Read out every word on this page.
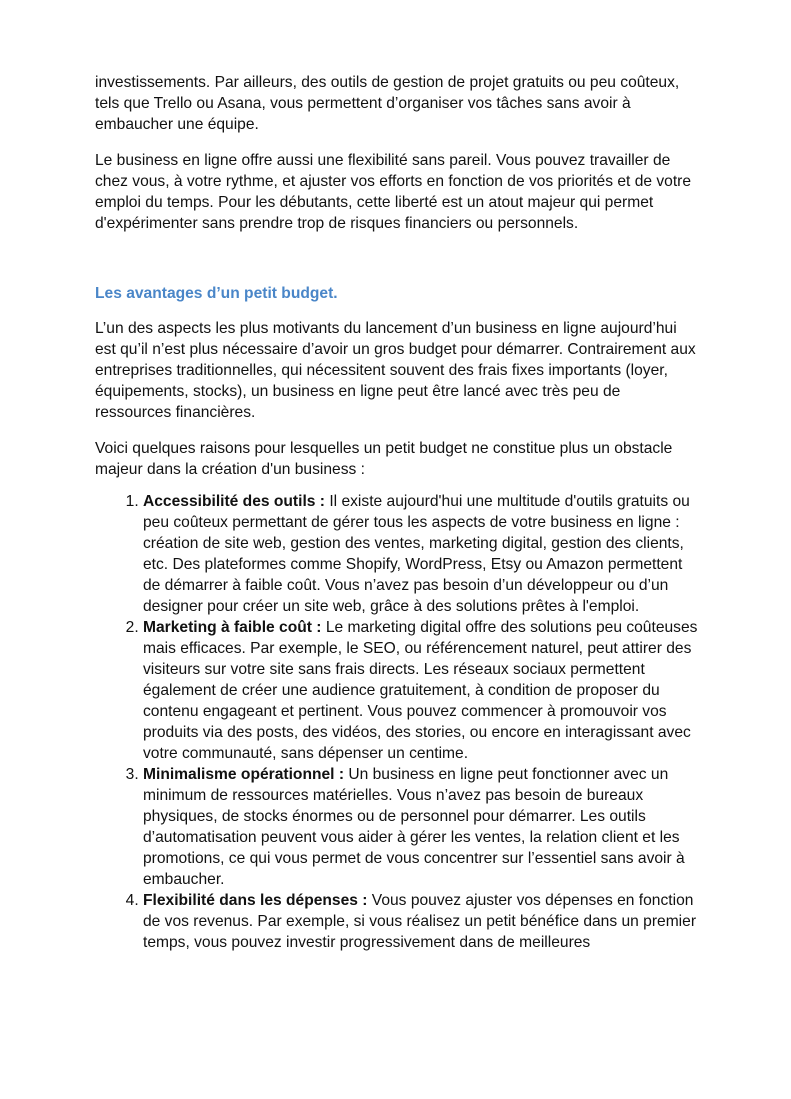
investissements. Par ailleurs, des outils de gestion de projet gratuits ou peu coûteux, tels que Trello ou Asana, vous permettent d’organiser vos tâches sans avoir à embaucher une équipe.

Le business en ligne offre aussi une flexibilité sans pareil. Vous pouvez travailler de chez vous, à votre rythme, et ajuster vos efforts en fonction de vos priorités et de votre emploi du temps. Pour les débutants, cette liberté est un atout majeur qui permet d'expérimenter sans prendre trop de risques financiers ou personnels.

Les avantages d’un petit budget.

L’un des aspects les plus motivants du lancement d’un business en ligne aujourd’hui est qu’il n’est plus nécessaire d’avoir un gros budget pour démarrer. Contrairement aux entreprises traditionnelles, qui nécessitent souvent des frais fixes importants (loyer, équipements, stocks), un business en ligne peut être lancé avec très peu de ressources financières.

Voici quelques raisons pour lesquelles un petit budget ne constitue plus un obstacle majeur dans la création d'un business :

1. Accessibilité des outils : Il existe aujourd'hui une multitude d'outils gratuits ou peu coûteux permettant de gérer tous les aspects de votre business en ligne : création de site web, gestion des ventes, marketing digital, gestion des clients, etc. Des plateformes comme Shopify, WordPress, Etsy ou Amazon permettent de démarrer à faible coût. Vous n’avez pas besoin d’un développeur ou d’un designer pour créer un site web, grâce à des solutions prêtes à l'emploi.
2. Marketing à faible coût : Le marketing digital offre des solutions peu coûteuses mais efficaces. Par exemple, le SEO, ou référencement naturel, peut attirer des visiteurs sur votre site sans frais directs. Les réseaux sociaux permettent également de créer une audience gratuitement, à condition de proposer du contenu engageant et pertinent. Vous pouvez commencer à promouvoir vos produits via des posts, des vidéos, des stories, ou encore en interagissant avec votre communauté, sans dépenser un centime.
3. Minimalisme opérationnel : Un business en ligne peut fonctionner avec un minimum de ressources matérielles. Vous n’avez pas besoin de bureaux physiques, de stocks énormes ou de personnel pour démarrer. Les outils d’automatisation peuvent vous aider à gérer les ventes, la relation client et les promotions, ce qui vous permet de vous concentrer sur l’essentiel sans avoir à embaucher.
4. Flexibilité dans les dépenses : Vous pouvez ajuster vos dépenses en fonction de vos revenus. Par exemple, si vous réalisez un petit bénéfice dans un premier temps, vous pouvez investir progressivement dans de meilleures
